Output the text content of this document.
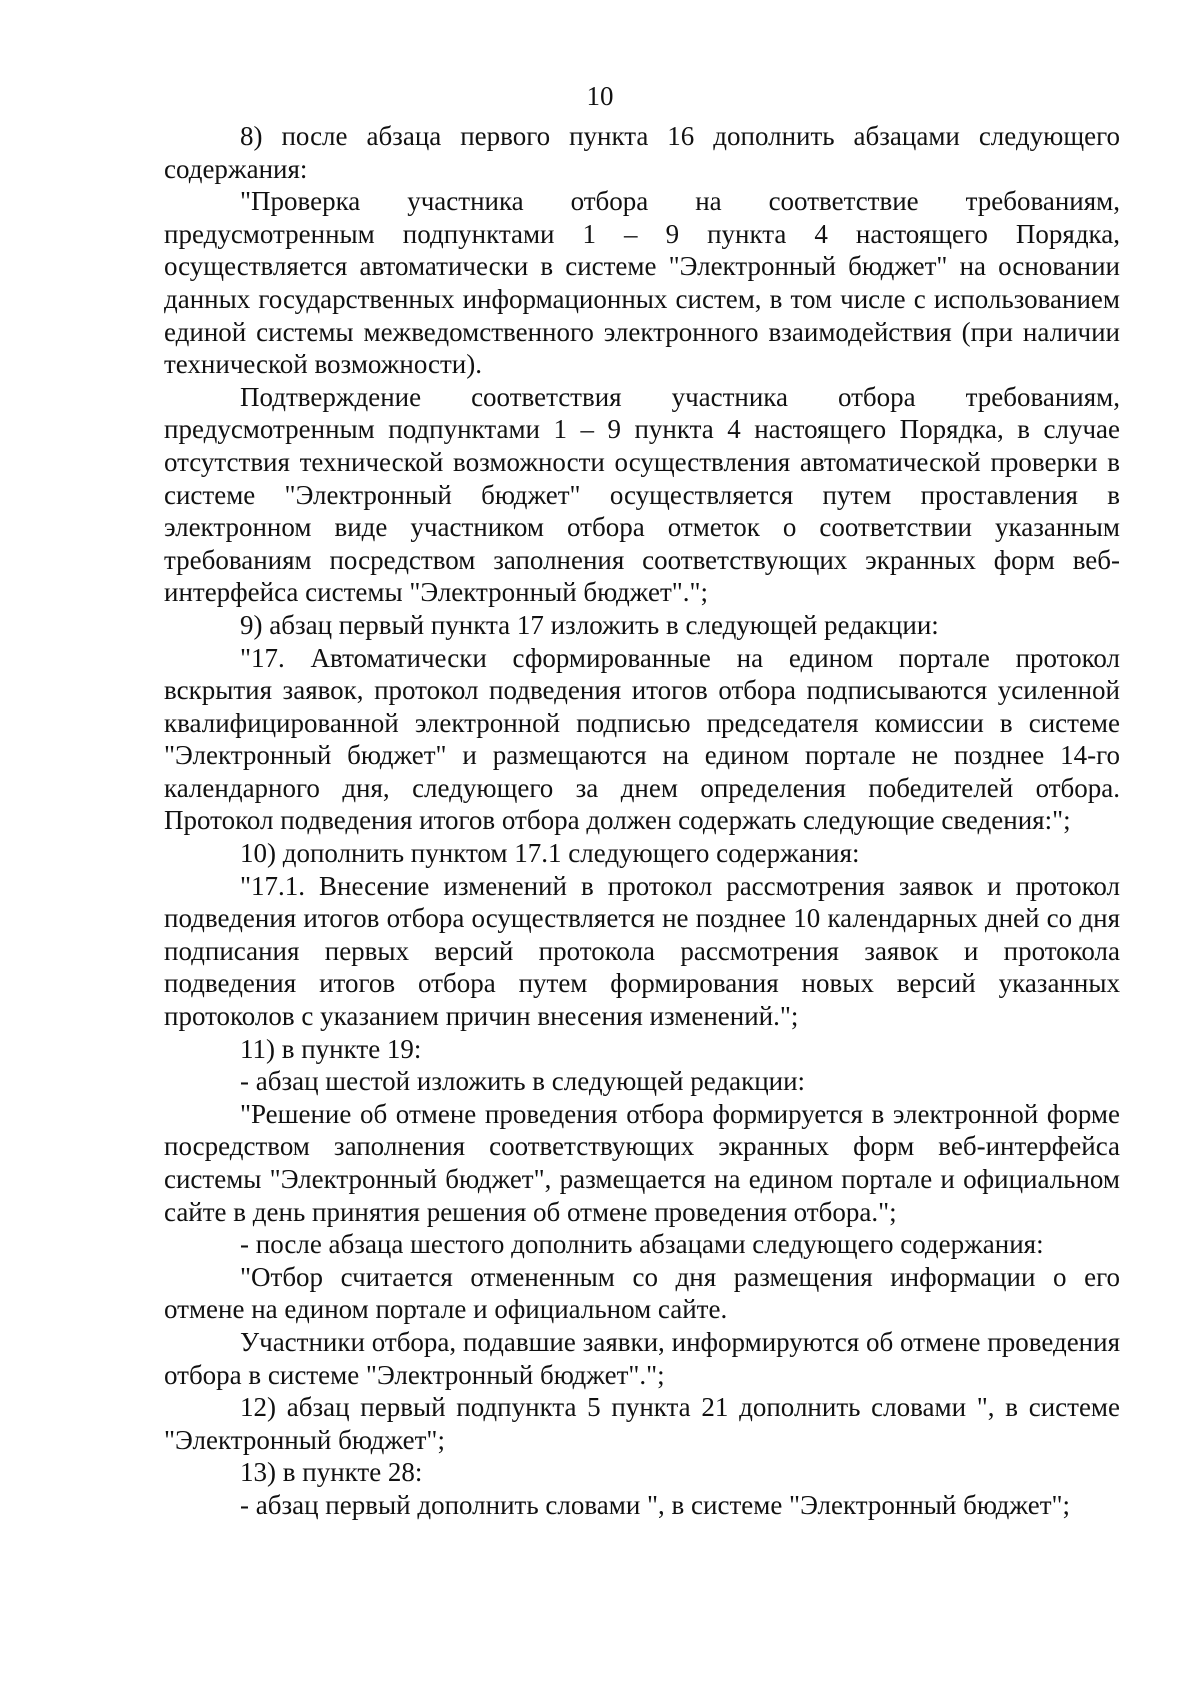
10

8) после абзаца первого пункта 16 дополнить абзацами следующего содержания:

"Проверка участника отбора на соответствие требованиям, предусмотренным подпунктами 1 – 9 пункта 4 настоящего Порядка, осуществляется автоматически в системе "Электронный бюджет" на основании данных государственных информационных систем, в том числе с использованием единой системы межведомственного электронного взаимодействия (при наличии технической возможности).

Подтверждение соответствия участника отбора требованиям, предусмотренным подпунктами 1 – 9 пункта 4 настоящего Порядка, в случае отсутствия технической возможности осуществления автоматической проверки в системе "Электронный бюджет" осуществляется путем проставления в электронном виде участником отбора отметок о соответствии указанным требованиям посредством заполнения соответствующих экранных форм веб-интерфейса системы "Электронный бюджет".";

9) абзац первый пункта 17 изложить в следующей редакции:

"17. Автоматически сформированные на едином портале протокол вскрытия заявок, протокол подведения итогов отбора подписываются усиленной квалифицированной электронной подписью председателя комиссии в системе "Электронный бюджет" и размещаются на едином портале не позднее 14-го календарного дня, следующего за днем определения победителей отбора. Протокол подведения итогов отбора должен содержать следующие сведения:";

10) дополнить пунктом 17.1 следующего содержания:

"17.1. Внесение изменений в протокол рассмотрения заявок и протокол подведения итогов отбора осуществляется не позднее 10 календарных дней со дня подписания первых версий протокола рассмотрения заявок и протокола подведения итогов отбора путем формирования новых версий указанных протоколов с указанием причин внесения изменений.";

11) в пункте 19:

- абзац шестой изложить в следующей редакции:

"Решение об отмене проведения отбора формируется в электронной форме посредством заполнения соответствующих экранных форм веб-интерфейса системы "Электронный бюджет", размещается на едином портале и официальном сайте в день принятия решения об отмене проведения отбора.";

- после абзаца шестого дополнить абзацами следующего содержания:

"Отбор считается отмененным со дня размещения информации о его отмене на едином портале и официальном сайте.

Участники отбора, подавшие заявки, информируются об отмене проведения отбора в системе "Электронный бюджет".";

12) абзац первый подпункта 5 пункта 21 дополнить словами ", в системе "Электронный бюджет";

13) в пункте 28:

- абзац первый дополнить словами ", в системе "Электронный бюджет";
